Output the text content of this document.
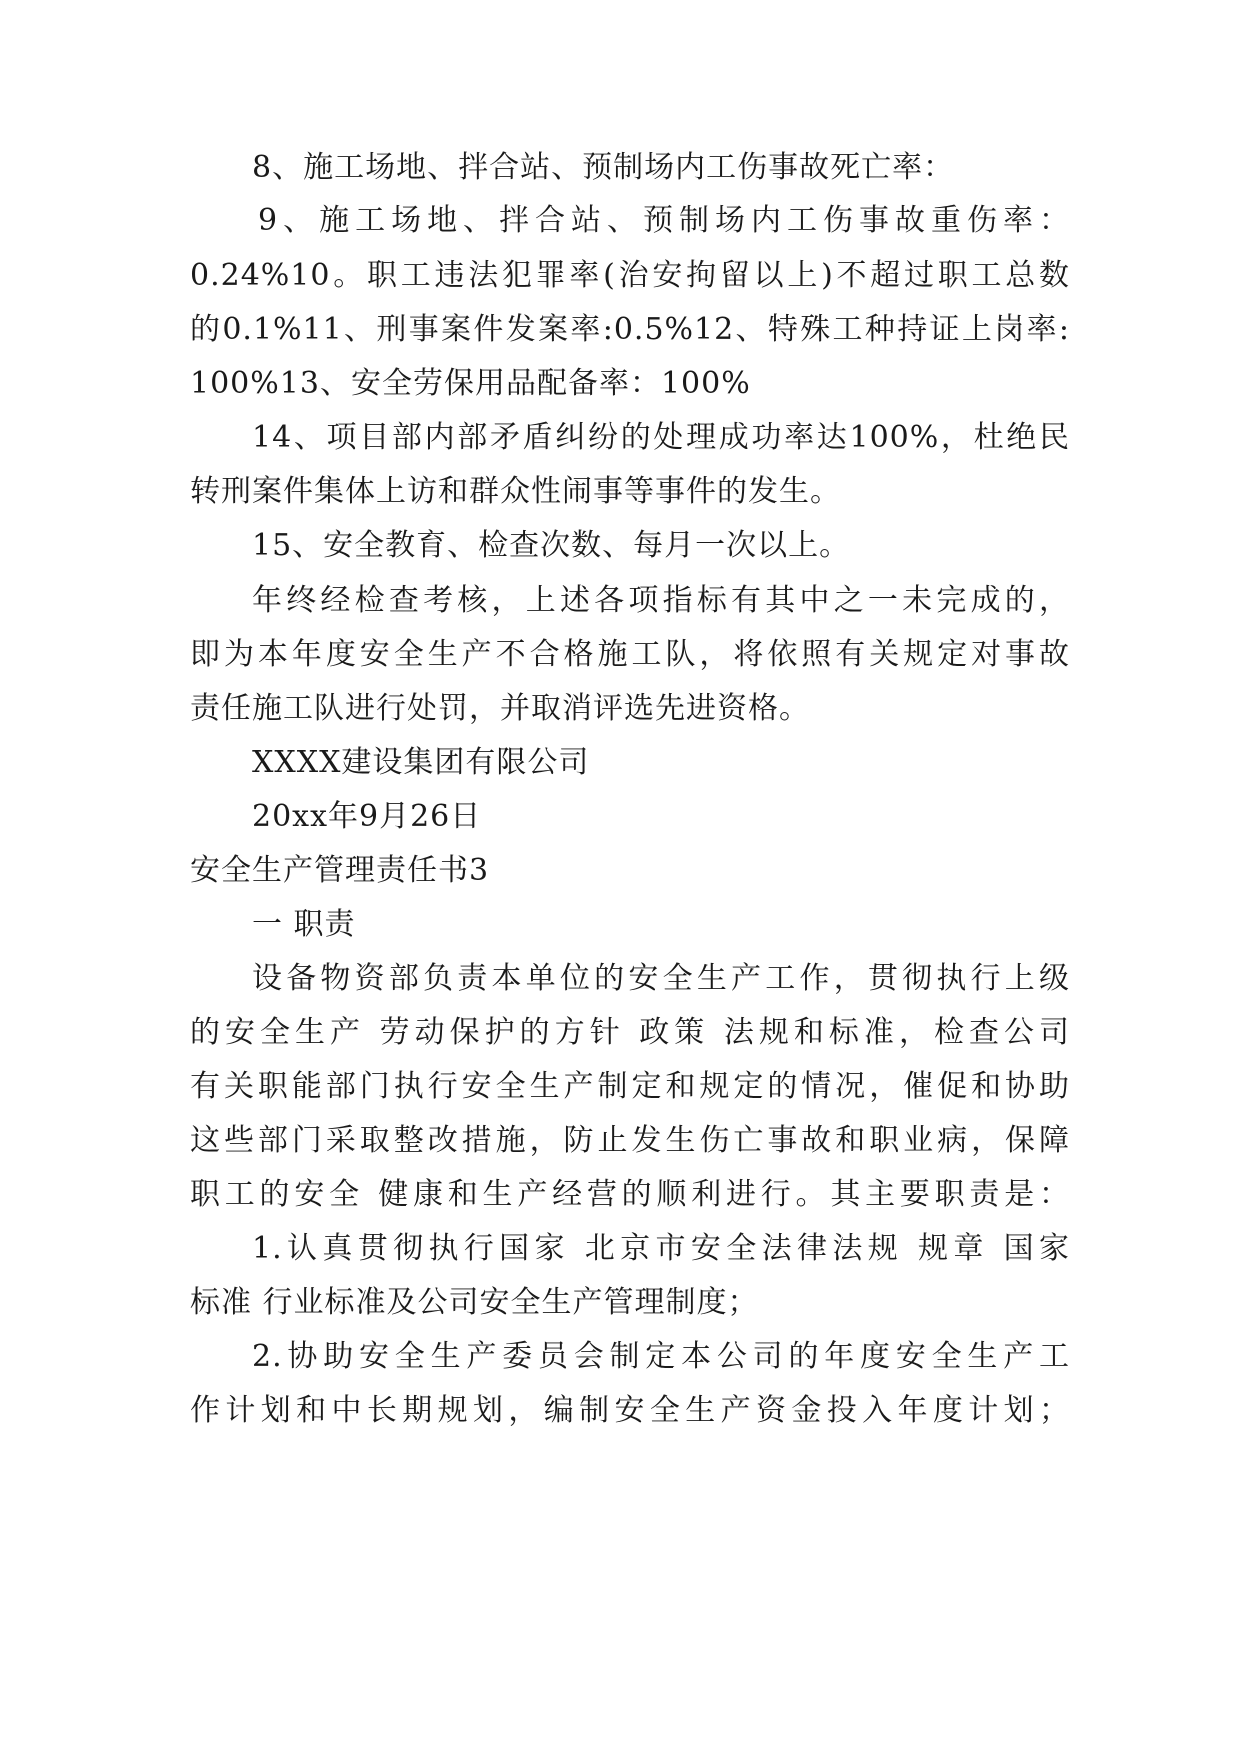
8、施工场地、拌合站、预制场内工伤事故死亡率：
9、施工场地、拌合站、预制场内工伤事故重伤率：
0.24%10。职工违法犯罪率(治安拘留以上)不超过职工总数
的0.1%11、刑事案件发案率:0.5%12、特殊工种持证上岗率:
100%13、安全劳保用品配备率：100%
14、项目部内部矛盾纠纷的处理成功率达100%，杜绝民
转刑案件集体上访和群众性闹事等事件的发生。
15、安全教育、检查次数、每月一次以上。
年终经检查考核，上述各项指标有其中之一未完成的，
即为本年度安全生产不合格施工队，将依照有关规定对事故
责任施工队进行处罚，并取消评选先进资格。
XXXX建设集团有限公司
20xx年9月26日
安全生产管理责任书3
一 职责
设备物资部负责本单位的安全生产工作，贯彻执行上级
的安全生产 劳动保护的方针 政策 法规和标准，检查公司
有关职能部门执行安全生产制定和规定的情况，催促和协助
这些部门采取整改措施，防止发生伤亡事故和职业病，保障
职工的安全 健康和生产经营的顺利进行。其主要职责是：
1.认真贯彻执行国家 北京市安全法律法规 规章 国家
标准 行业标准及公司安全生产管理制度；
2.协助安全生产委员会制定本公司的年度安全生产工
作计划和中长期规划，编制安全生产资金投入年度计划；
